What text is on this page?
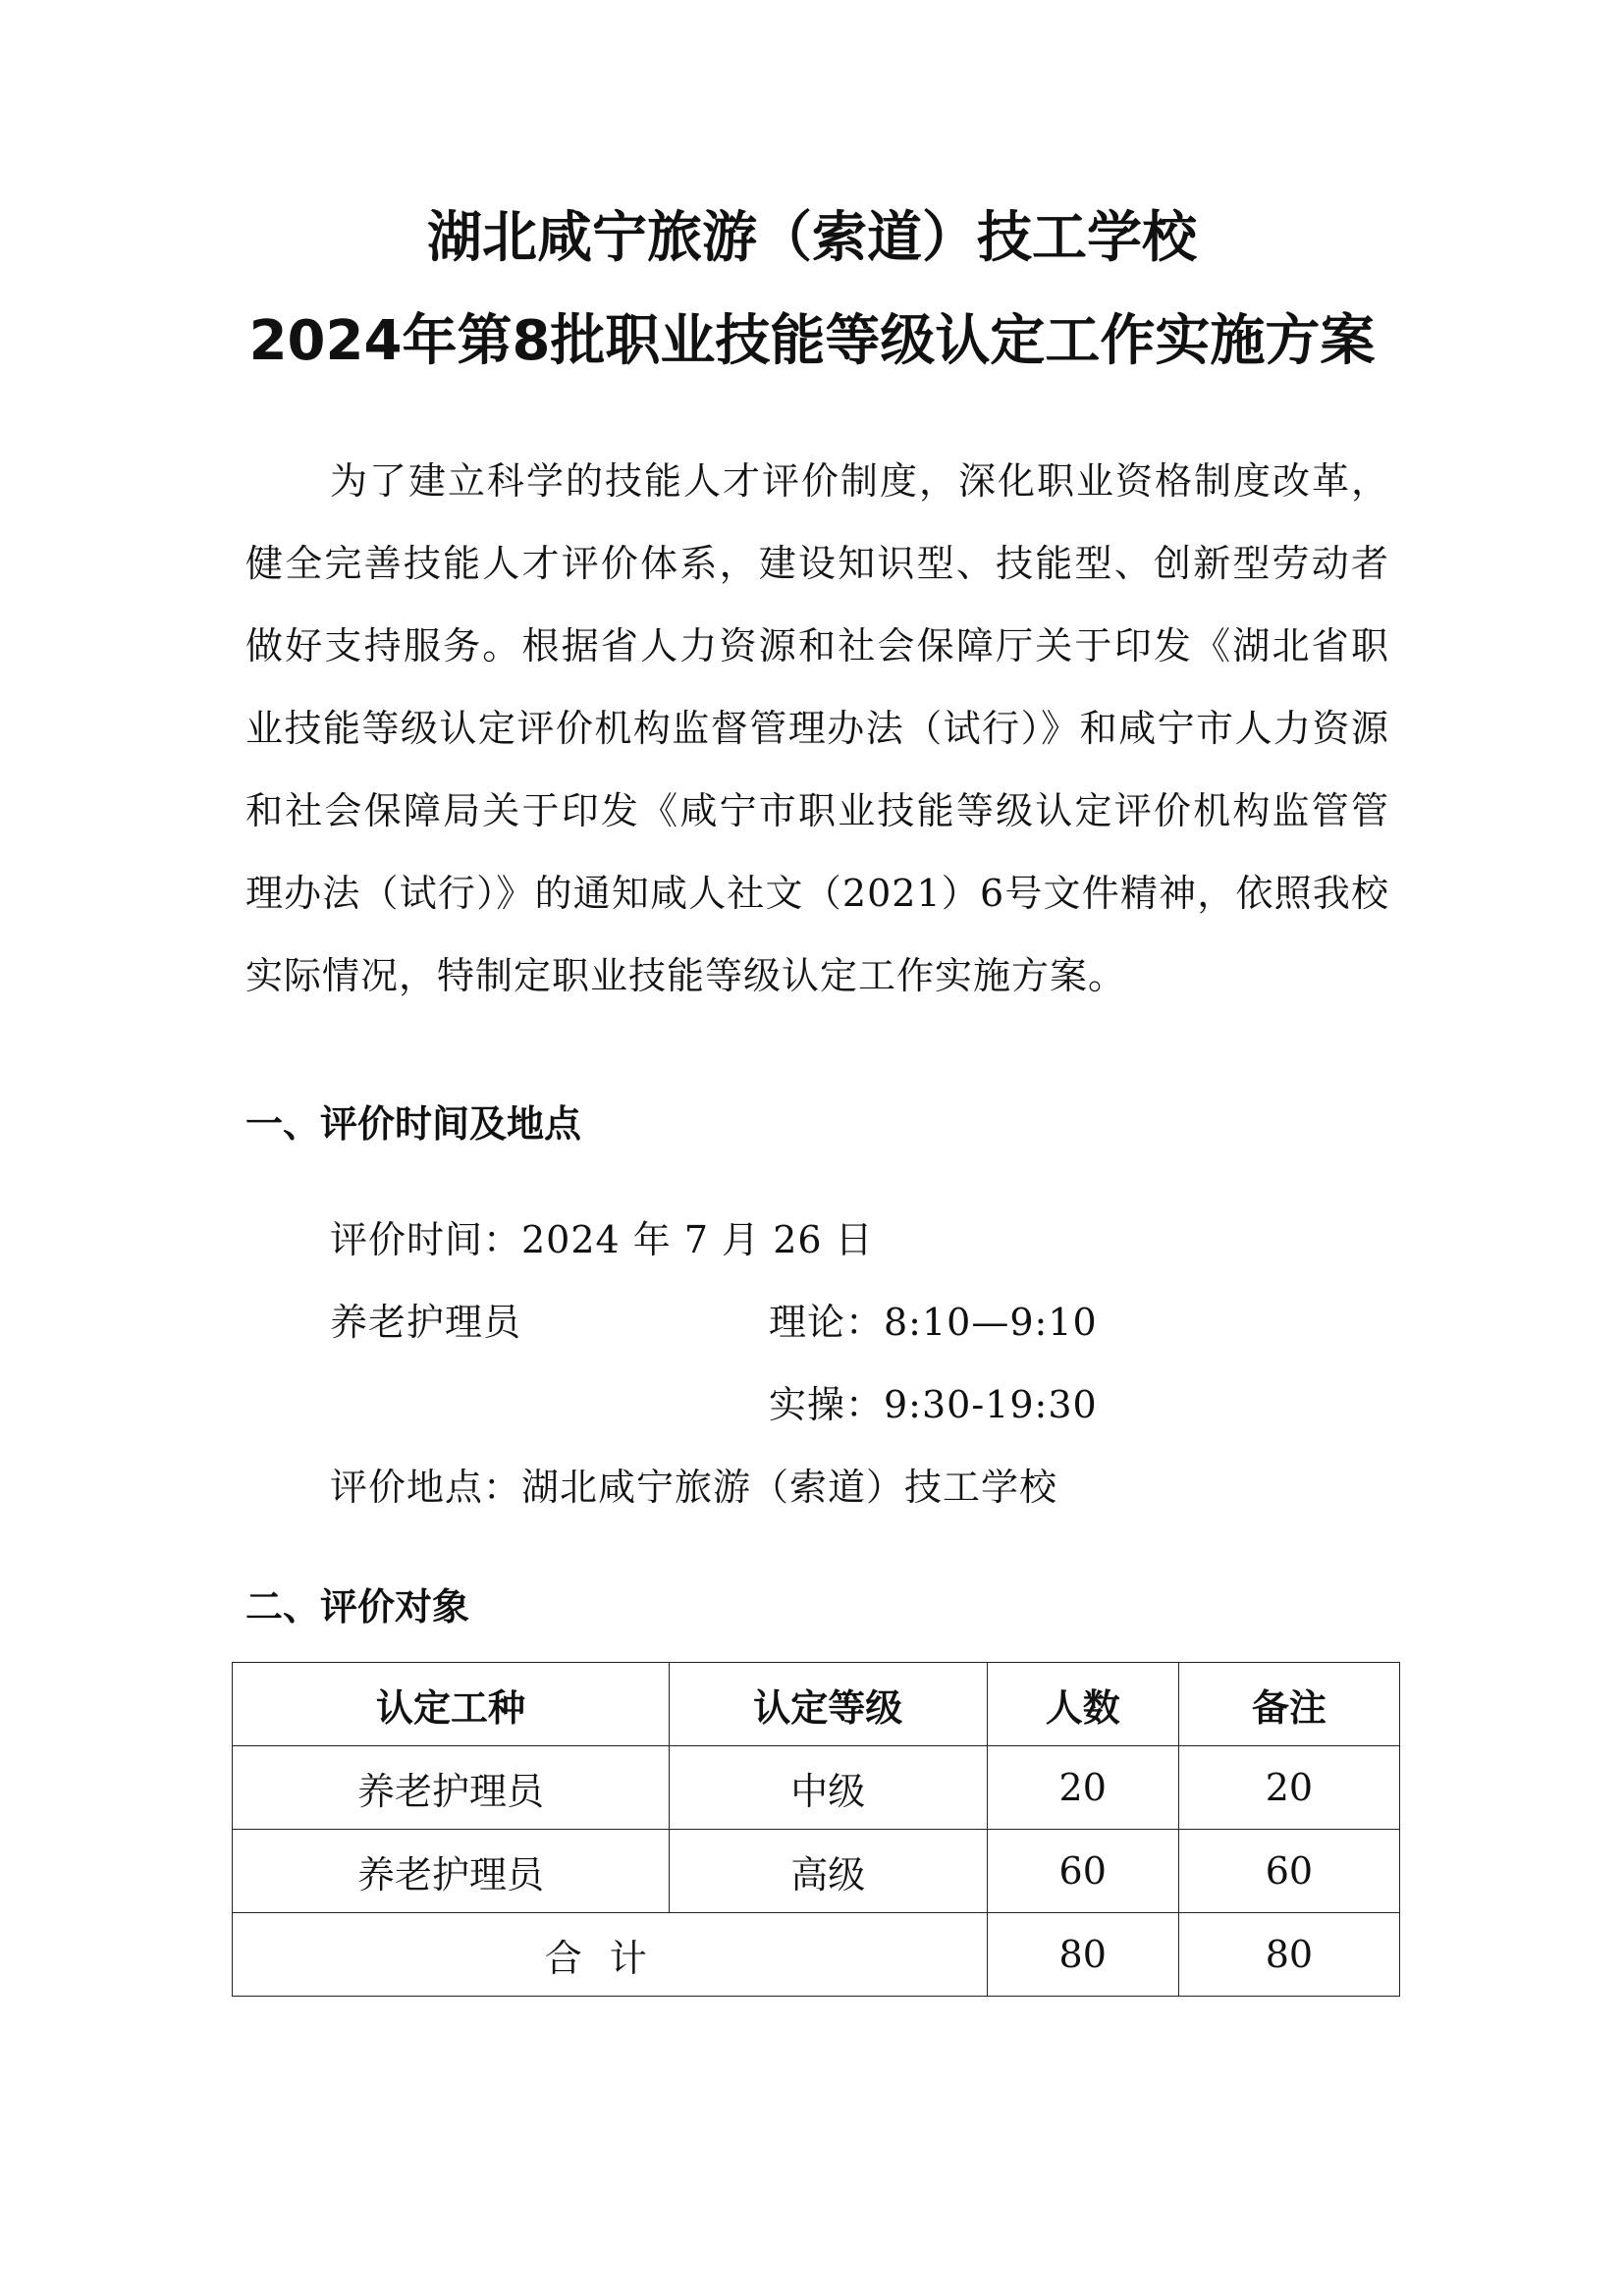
湖北咸宁旅游（索道）技工学校
2024年第8批职业技能等级认定工作实施方案

为了建立科学的技能人才评价制度，深化职业资格制度改革，健全完善技能人才评价体系，建设知识型、技能型、创新型劳动者做好支持服务。根据省人力资源和社会保障厅关于印发《湖北省职业技能等级认定评价机构监督管理办法（试行）》和咸宁市人力资源和社会保障局关于印发《咸宁市职业技能等级认定评价机构监管管理办法（试行）》的通知咸人社文（2021）6号文件精神，依照我校实际情况，特制定职业技能等级认定工作实施方案。

一、评价时间及地点
评价时间：2024 年 7 月 26 日
养老护理员	理论：8:10—9:10
实操：9:30-19:30
评价地点：湖北咸宁旅游（索道）技工学校
二、评价对象
认定工种	认定等级	人数	备注
养老护理员	中级	20	20
养老护理员	高级	60	60
合计		80	80
